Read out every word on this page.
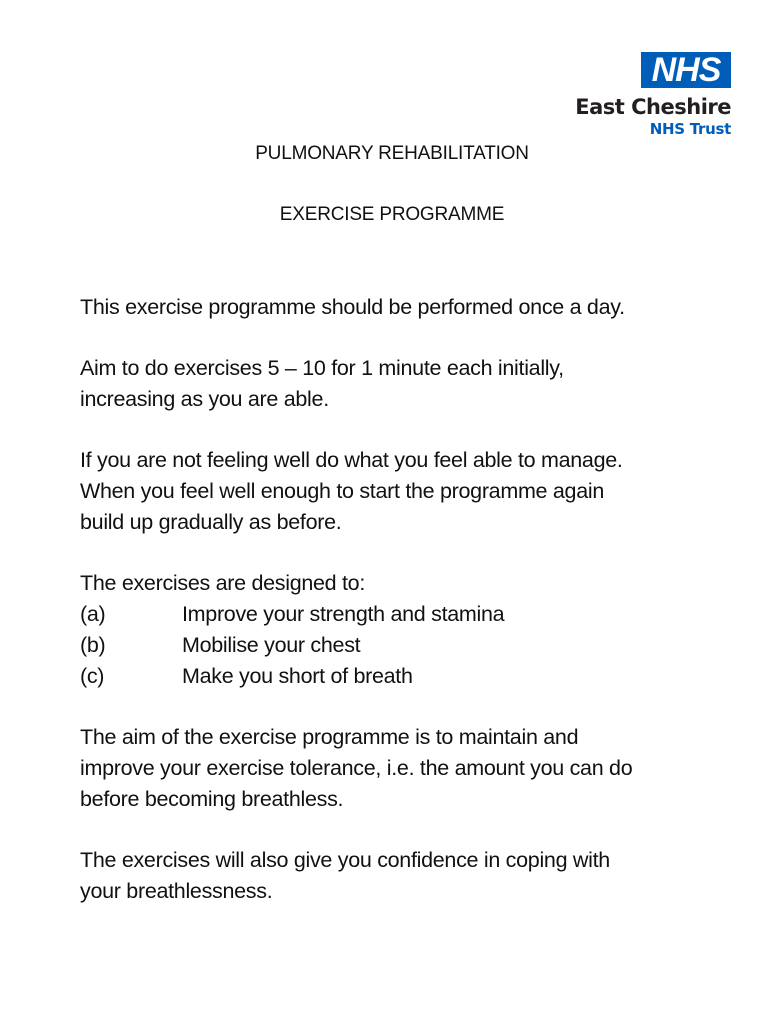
NHS
East Cheshire
NHS Trust
PULMONARY REHABILITATION
EXERCISE PROGRAMME

This exercise programme should be performed once a day.

Aim to do exercises 5 – 10 for 1 minute each initially,
increasing as you are able.

If you are not feeling well do what you feel able to manage.
When you feel well enough to start the programme again
build up gradually as before.

The exercises are designed to:
(a)	Improve your strength and stamina
(b)	Mobilise your chest
(c)	Make you short of breath

The aim of the exercise programme is to maintain and
improve your exercise tolerance, i.e. the amount you can do
before becoming breathless.

The exercises will also give you confidence in coping with
your breathlessness.
